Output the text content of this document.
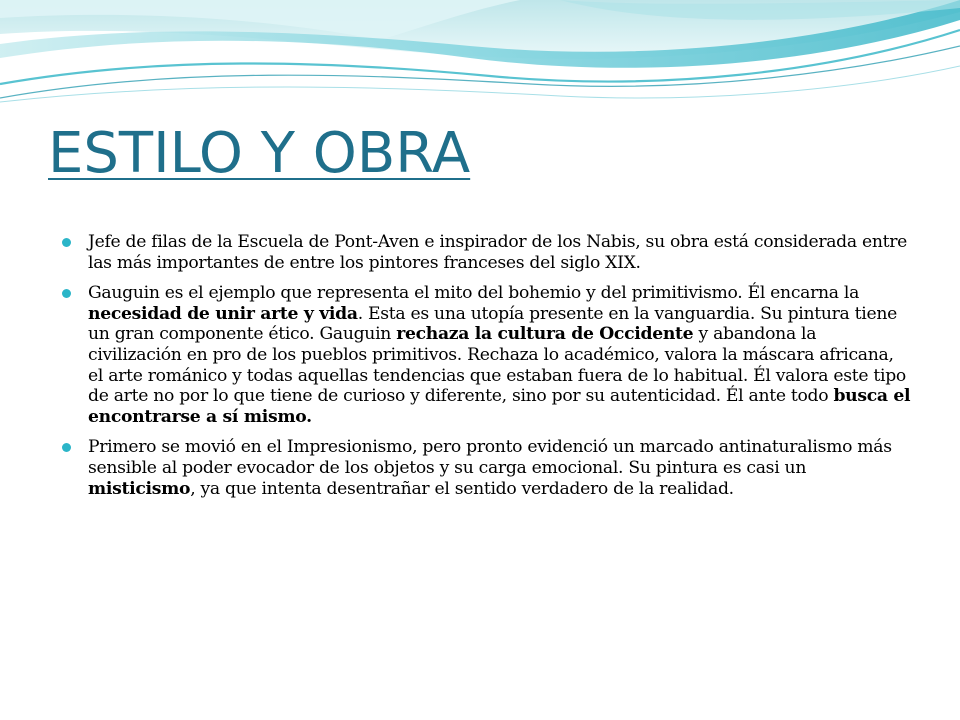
ESTILO Y OBRA
Jefe de filas de la Escuela de Pont-Aven e inspirador de los Nabis, su obra está considerada entre las más importantes de entre los pintores franceses del siglo XIX.
Gauguin es el ejemplo que representa el mito del bohemio y del primitivismo. Él encarna la necesidad de unir arte y vida. Esta es una utopía presente en la vanguardia. Su pintura tiene un gran componente ético. Gauguin rechaza la cultura de Occidente y abandona la civilización en pro de los pueblos primitivos. Rechaza lo académico, valora la máscara africana, el arte románico y todas aquellas tendencias que estaban fuera de lo habitual. Él valora este tipo de arte no por lo que tiene de curioso y diferente, sino por su autenticidad. Él ante todo busca el encontrarse a sí mismo.
Primero se movió en el Impresionismo, pero pronto evidenció un marcado antinaturalismo más sensible al poder evocador de los objetos y su carga emocional. Su pintura es casi un misticismo, ya que intenta desentrañar el sentido verdadero de la realidad.
